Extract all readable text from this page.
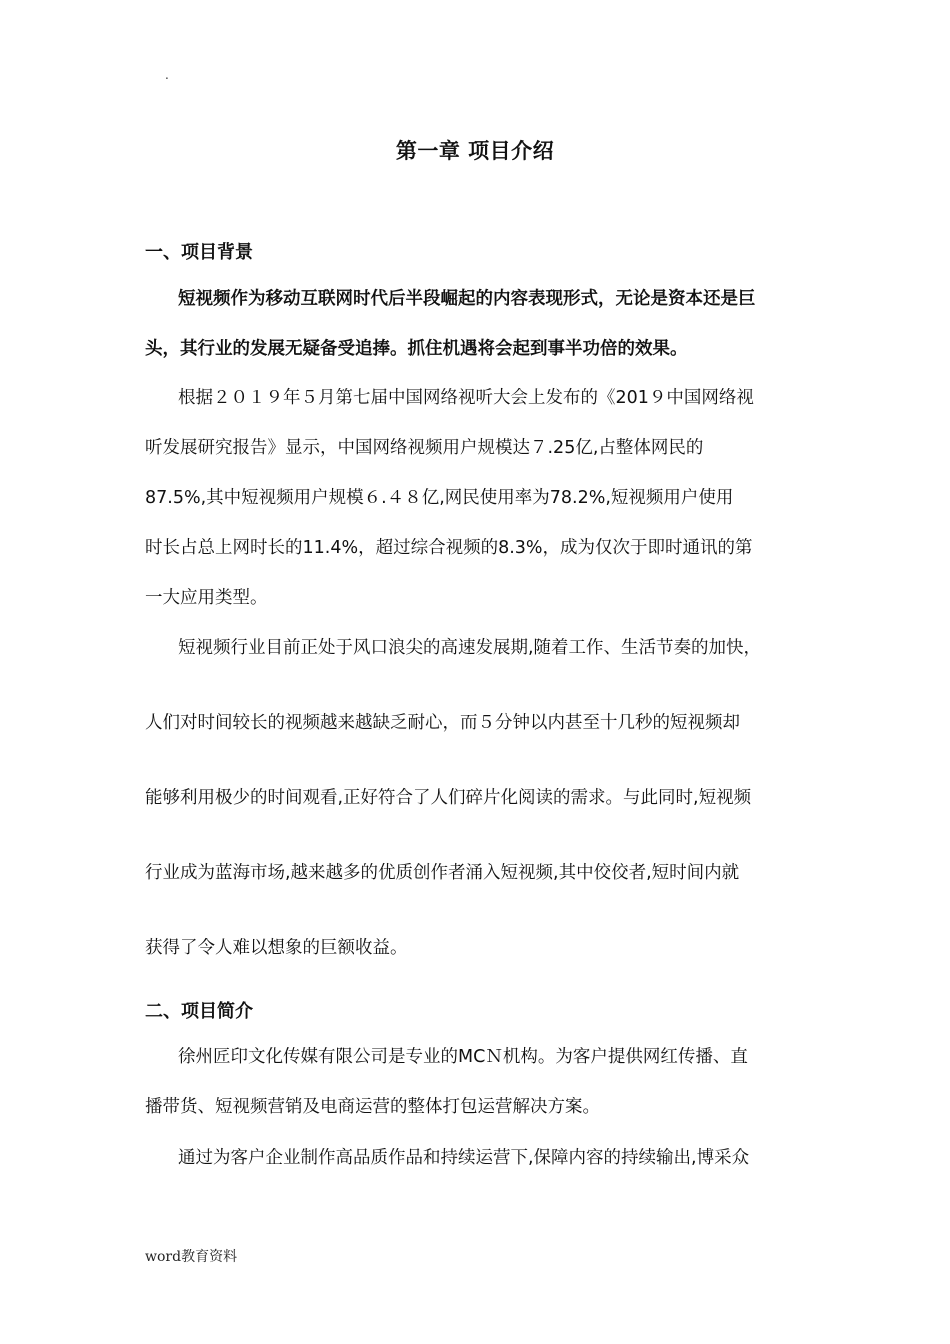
.
第一章 项目介绍
一、项目背景
短视频作为移动互联网时代后半段崛起的内容表现形式，无论是资本还是巨
头，其行业的发展无疑备受追捧。抓住机遇将会起到事半功倍的效果。
根据２０１９年５月第七届中国网络视听大会上发布的《201９中国网络视
听发展研究报告》显示，中国网络视频用户规模达７.25亿,占整体网民的
87.5%,其中短视频用户规模６.４８亿,网民使用率为78.2%,短视频用户使用
时长占总上网时长的11.4%，超过综合视频的8.3%，成为仅次于即时通讯的第
一大应用类型。
短视频行业目前正处于风口浪尖的高速发展期,随着工作、生活节奏的加快，
人们对时间较长的视频越来越缺乏耐心，而５分钟以内甚至十几秒的短视频却
能够利用极少的时间观看,正好符合了人们碎片化阅读的需求。与此同时,短视频
行业成为蓝海市场,越来越多的优质创作者涌入短视频,其中佼佼者,短时间内就
获得了令人难以想象的巨额收益。
二、项目简介
徐州匠印文化传媒有限公司是专业的MCＮ机构。为客户提供网红传播、直
播带货、短视频营销及电商运营的整体打包运营解决方案。
通过为客户企业制作高品质作品和持续运营下,保障内容的持续输出,博采众
word教育资料
